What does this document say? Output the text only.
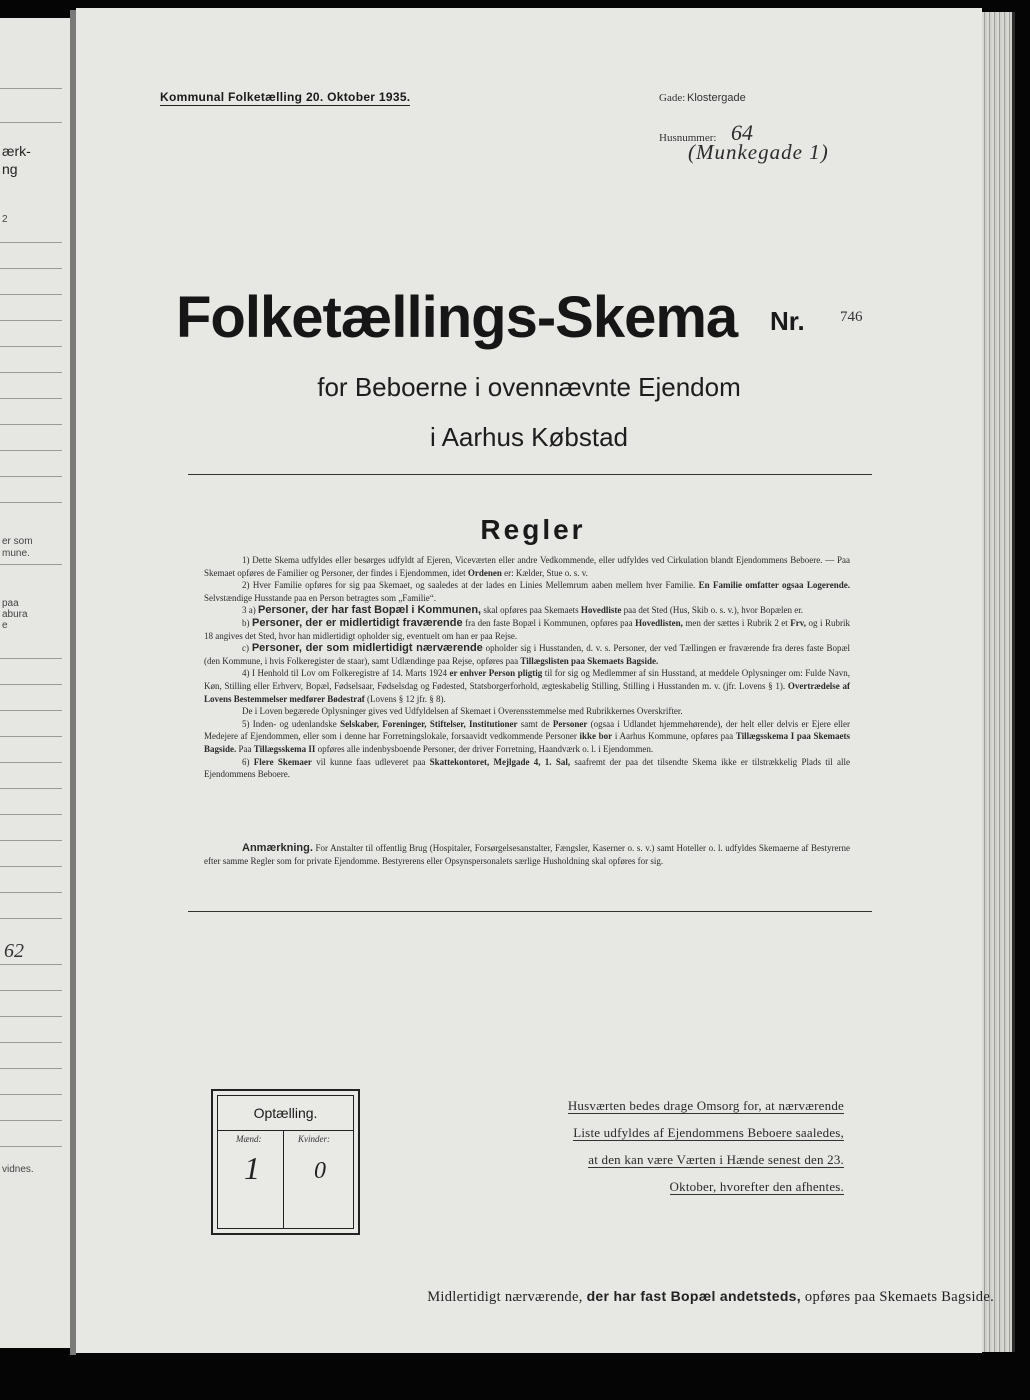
ærk-
ng
2
er som
mune.
paa
abura
e
62
vidnes.
Kommunal Folketælling 20. Oktober 1935.	Gade: Klostergade
Husnummer: 64
(Munkegade 1)
Folketællings-Skema Nr. 746
for Beboerne i ovennævnte Ejendom
i Aarhus Købstad
Regler

1) Dette Skema udfyldes eller besørges udfyldt af Ejeren, Viceværten eller andre Vedkommende, eller udfyldes ved Cirkulation blandt Ejendommens Beboere. — Paa Skemaet opføres de Familier og Personer, der findes i Ejendommen, idet Ordenen er: Kælder, Stue o. s. v.

2) Hver Familie opføres for sig paa Skemaet, og saaledes at der lades en Linies Mellemrum aaben mellem hver Familie. En Familie omfatter ogsaa Logerende. Selvstændige Husstande paa en Person betragtes som „Familie“.

3 a) Personer, der har fast Bopæl i Kommunen, skal opføres paa Skemaets Hovedliste paa det Sted (Hus, Skib o. s. v.), hvor Bopælen er.

b) Personer, der er midlertidigt fraværende fra den faste Bopæl i Kommunen, opføres paa Hovedlisten, men der sættes i Rubrik 2 et Frv, og i Rubrik 18 angives det Sted, hvor han midlertidigt opholder sig, eventuelt om han er paa Rejse.

c) Personer, der som midlertidigt nærværende opholder sig i Husstanden, d. v. s. Personer, der ved Tællingen er fraværende fra deres faste Bopæl (den Kommune, i hvis Folkeregister de staar), samt Udlændinge paa Rejse, opføres paa Tillægslisten paa Skemaets Bagside.

4) I Henhold til Lov om Folkeregistre af 14. Marts 1924 er enhver Person pligtig til for sig og Medlemmer af sin Husstand, at meddele Oplysninger om: Fulde Navn, Køn, Stilling eller Erhverv, Bopæl, Fødselsaar, Fødselsdag og Fødested, Statsborgerforhold, ægteskabelig Stilling, Stilling i Husstanden m. v. (jfr. Lovens § 1). Overtrædelse af Lovens Bestemmelser medfører Bødestraf (Lovens § 12 jfr. § 8).

De i Loven begærede Oplysninger gives ved Udfyldelsen af Skemaet i Overensstemmelse med Rubrikkernes Overskrifter.

5) Inden- og udenlandske Selskaber, Foreninger, Stiftelser, Institutioner samt de Personer (ogsaa i Udlandet hjemmehørende), der helt eller delvis er Ejere eller Medejere af Ejendommen, eller som i denne har Forretningslokale, forsaavidt vedkommende Personer ikke bor i Aarhus Kommune, opføres paa Tillægsskema I paa Skemaets Bagside. Paa Tillægsskema II opføres alle indenbysboende Personer, der driver Forretning, Haandværk o. l. i Ejendommen.

6) Flere Skemaer vil kunne faas udleveret paa Skattekontoret, Mejlgade 4, 1. Sal, saafremt der paa det tilsendte Skema ikke er tilstrækkelig Plads til alle Ejendommens Beboere.

Anmærkning. For Anstalter til offentlig Brug (Hospitaler, Forsørgelsesanstalter, Fængsler, Kaserner o. s. v.) samt Hoteller o. l. udfyldes Skemaerne af Bestyrerne efter samme Regler som for private Ejendomme. Bestyrerens eller Opsynspersonalets særlige Husholdning skal opføres for sig.

Optælling.
Mænd:	Kvinder:
1 0
Husværten bedes drage Omsorg for, at nærværende
Liste udfyldes af Ejendommens Beboere saaledes,
at den kan være Værten i Hænde senest den 23.
Oktober, hvorefter den afhentes.
Midlertidigt nærværende, der har fast Bopæl andetsteds, opføres paa Skemaets Bagside.
